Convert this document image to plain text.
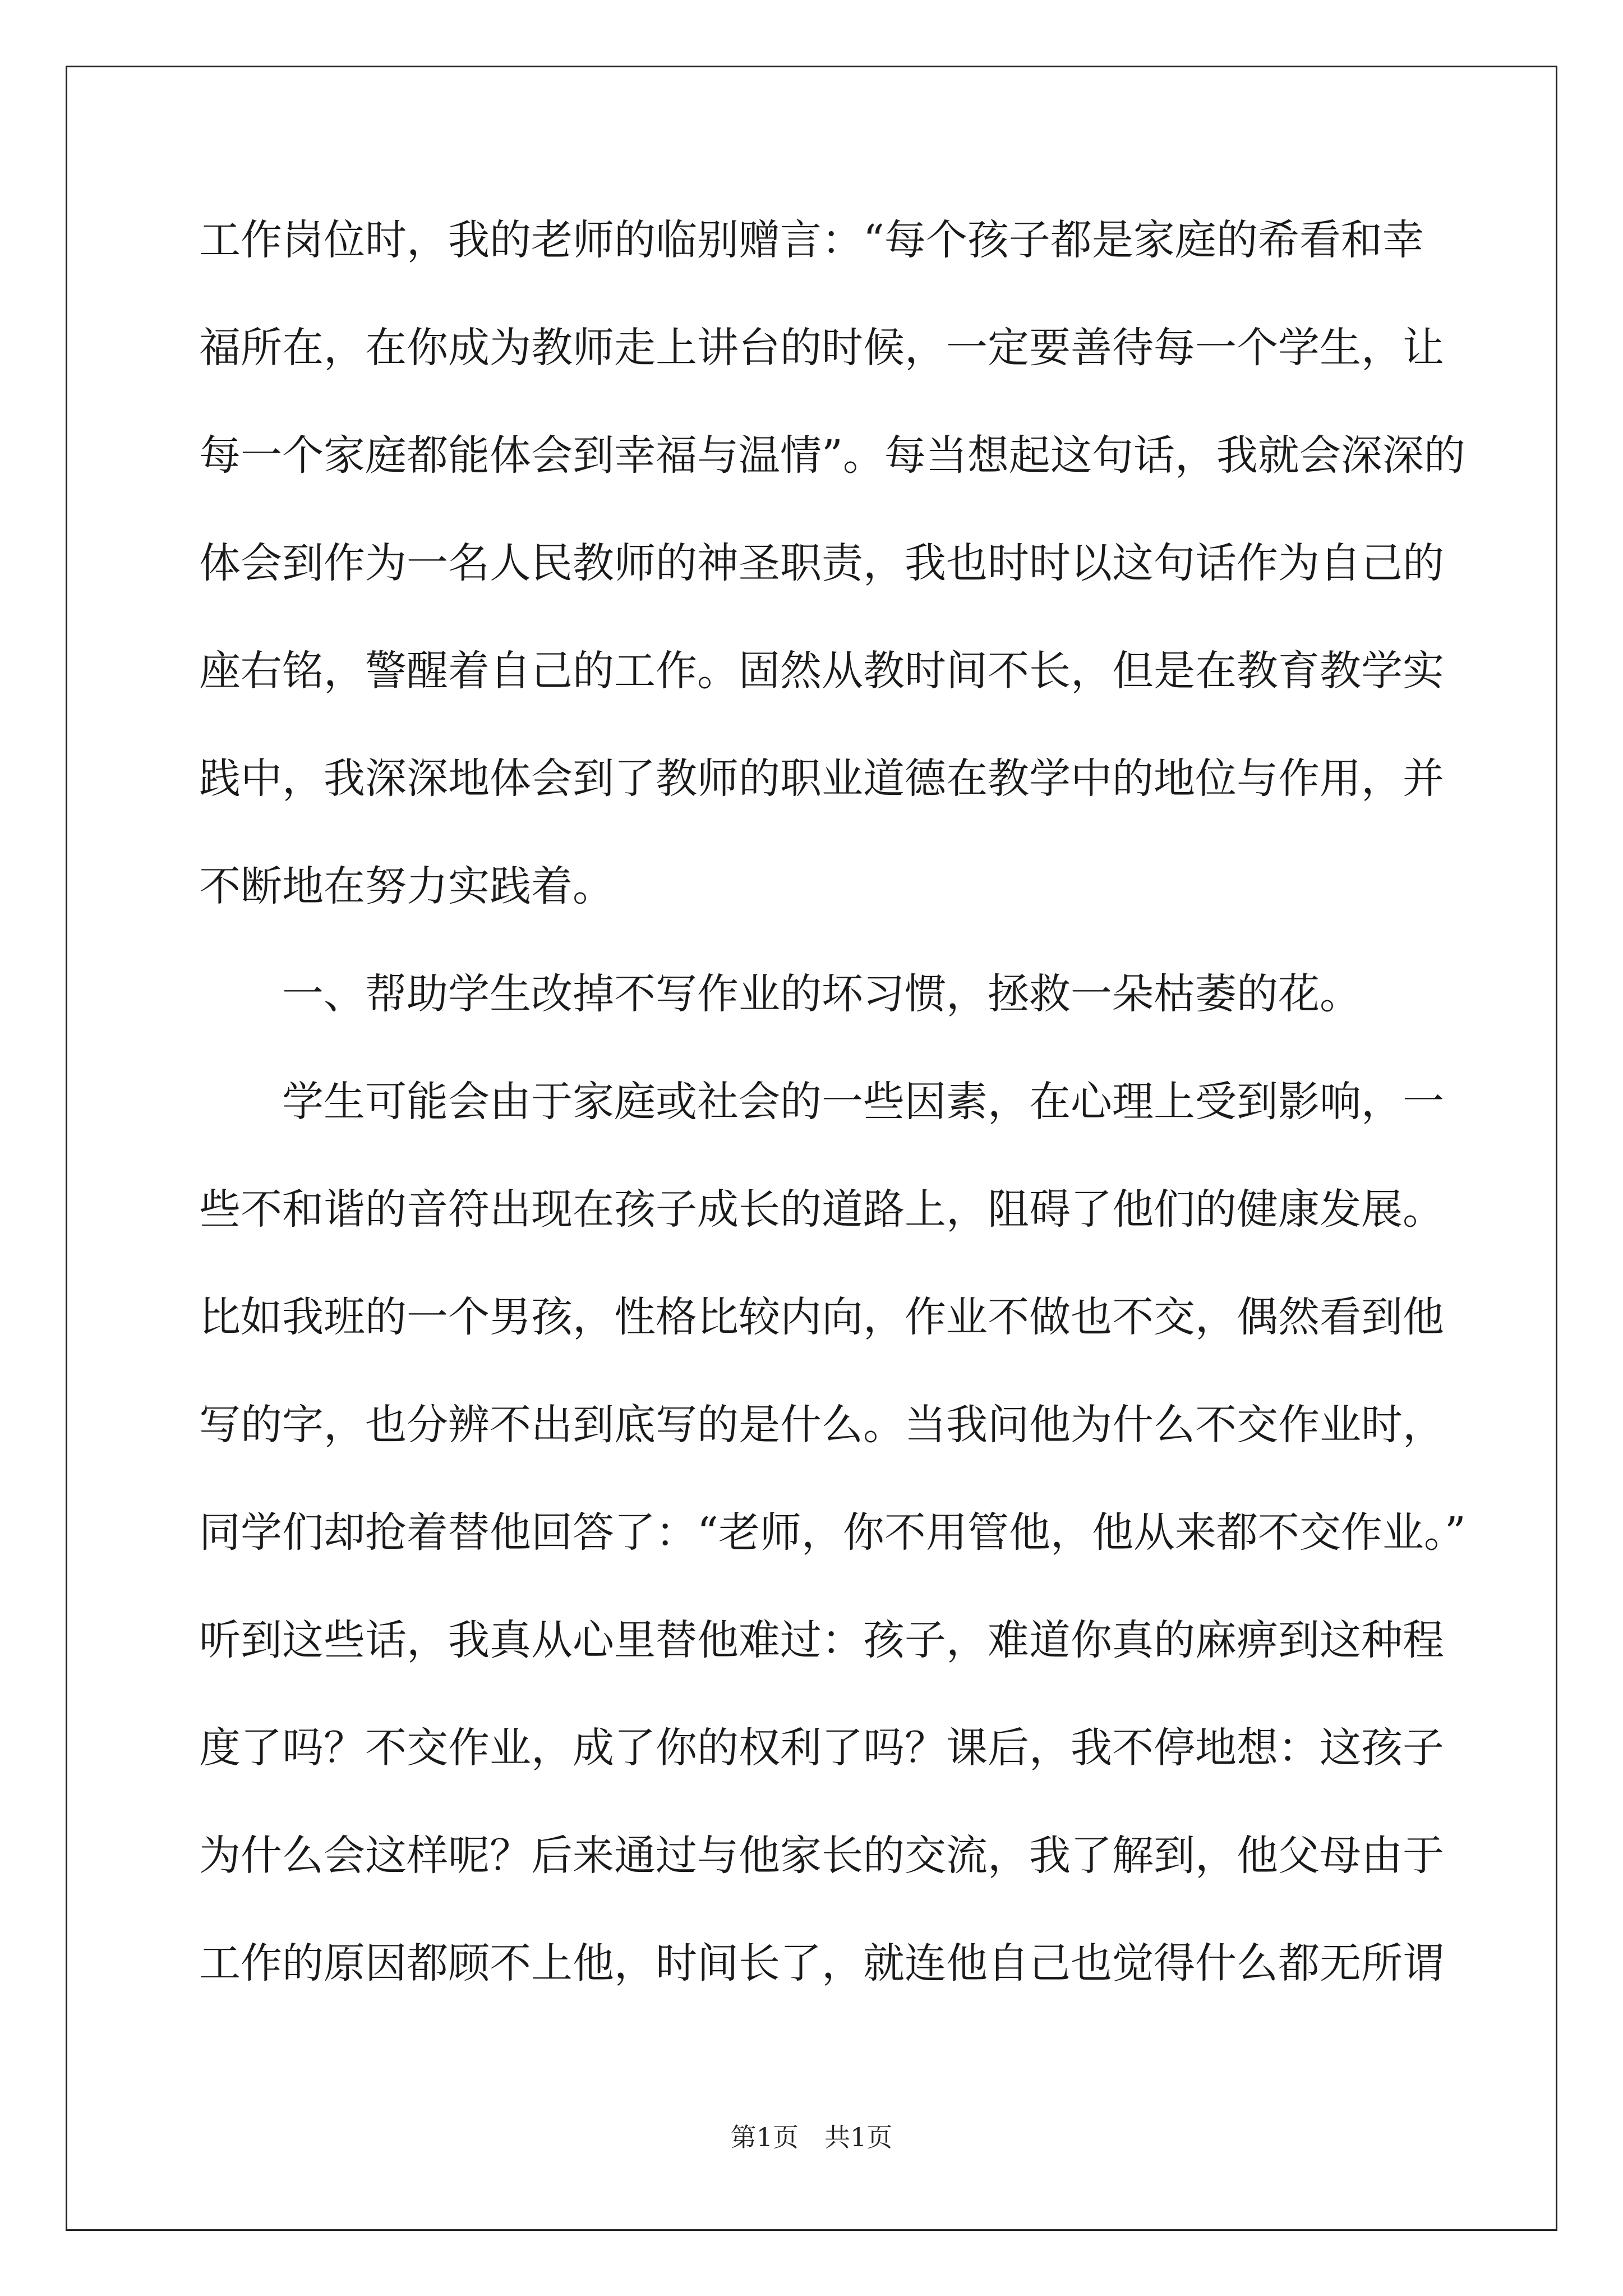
工作岗位时，我的老师的临别赠言：“每个孩子都是家庭的希看和幸
福所在，在你成为教师走上讲台的时候，一定要善待每一个学生，让
每一个家庭都能体会到幸福与温情”。每当想起这句话，我就会深深的
体会到作为一名人民教师的神圣职责，我也时时以这句话作为自己的
座右铭，警醒着自己的工作。固然从教时间不长，但是在教育教学实
践中，我深深地体会到了教师的职业道德在教学中的地位与作用，并
不断地在努力实践着。
　　一、帮助学生改掉不写作业的坏习惯，拯救一朵枯萎的花。
　　学生可能会由于家庭或社会的一些因素，在心理上受到影响，一
些不和谐的音符出现在孩子成长的道路上，阻碍了他们的健康发展。
比如我班的一个男孩，性格比较内向，作业不做也不交，偶然看到他
写的字，也分辨不出到底写的是什么。当我问他为什么不交作业时，
同学们却抢着替他回答了：“老师，你不用管他，他从来都不交作业。”
听到这些话，我真从心里替他难过：孩子，难道你真的麻痹到这种程
度了吗？不交作业，成了你的权利了吗？课后，我不停地想：这孩子
为什么会这样呢？后来通过与他家长的交流，我了解到，他父母由于
工作的原因都顾不上他，时间长了，就连他自己也觉得什么都无所谓
第1页　共1页
